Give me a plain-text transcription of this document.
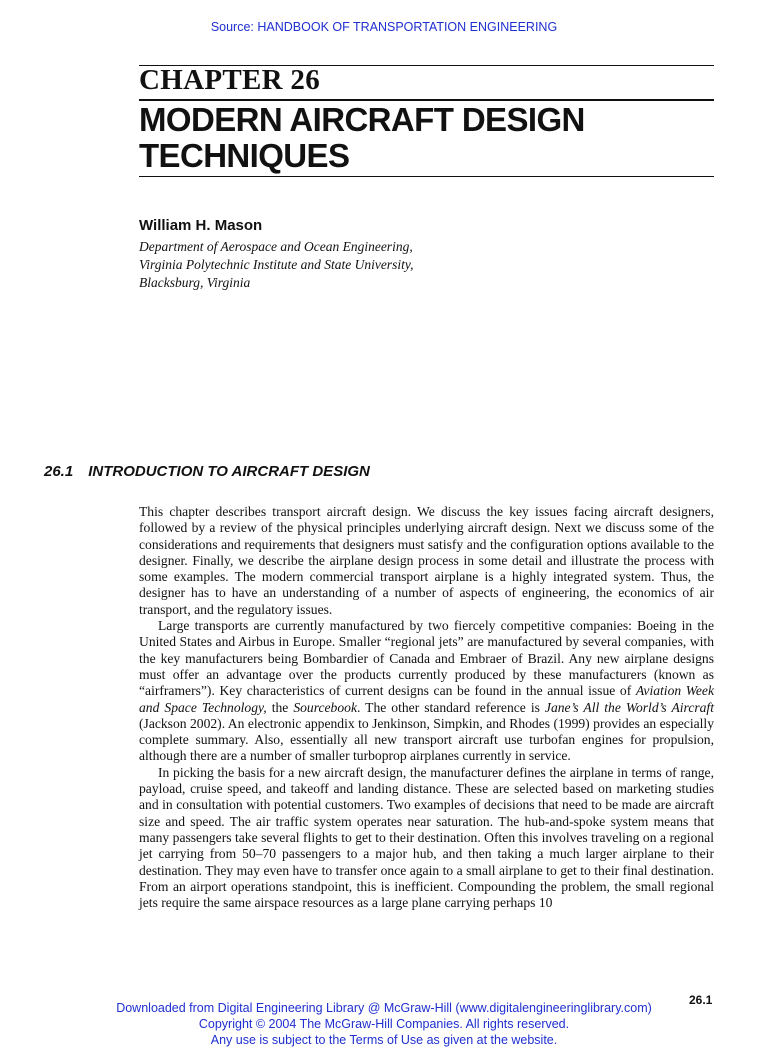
Source: HANDBOOK OF TRANSPORTATION ENGINEERING
CHAPTER 26
MODERN AIRCRAFT DESIGN
TECHNIQUES
William H. Mason
Department of Aerospace and Ocean Engineering,
Virginia Polytechnic Institute and State University,
Blacksburg, Virginia
26.1 INTRODUCTION TO AIRCRAFT DESIGN

This chapter describes transport aircraft design. We discuss the key issues facing aircraft designers, followed by a review of the physical principles underlying aircraft design. Next we discuss some of the considerations and requirements that designers must satisfy and the configuration options available to the designer. Finally, we describe the airplane design process in some detail and illustrate the process with some examples. The modern commercial transport airplane is a highly integrated system. Thus, the designer has to have an understanding of a number of aspects of engineering, the economics of air transport, and the regulatory issues.

Large transports are currently manufactured by two fiercely competitive companies: Boeing in the United States and Airbus in Europe. Smaller “regional jets” are manufactured by several companies, with the key manufacturers being Bombardier of Canada and Embraer of Brazil. Any new airplane designs must offer an advantage over the products currently produced by these manufacturers (known as “airframers”). Key characteristics of current designs can be found in the annual issue of Aviation Week and Space Technology, the Sourcebook. The other standard reference is Jane’s All the World’s Aircraft (Jackson 2002). An electronic appendix to Jenkinson, Simpkin, and Rhodes (1999) provides an especially complete summary. Also, essentially all new transport aircraft use turbofan engines for propulsion, although there are a number of smaller turboprop airplanes currently in service.

In picking the basis for a new aircraft design, the manufacturer defines the airplane in terms of range, payload, cruise speed, and takeoff and landing distance. These are selected based on marketing studies and in consultation with potential customers. Two examples of decisions that need to be made are aircraft size and speed. The air traffic system operates near saturation. The hub-and-spoke system means that many passengers take several flights to get to their destination. Often this involves traveling on a regional jet carrying from 50–70 passengers to a major hub, and then taking a much larger airplane to their destination. They may even have to transfer once again to a small airplane to get to their final destination. From an airport operations standpoint, this is inefficient. Compounding the problem, the small regional jets require the same airspace resources as a large plane carrying perhaps 10

Downloaded from Digital Engineering Library @ McGraw-Hill (www.digitalengineeringlibrary.com)
Copyright © 2004 The McGraw-Hill Companies. All rights reserved.
Any use is subject to the Terms of Use as given at the website.
26.1
